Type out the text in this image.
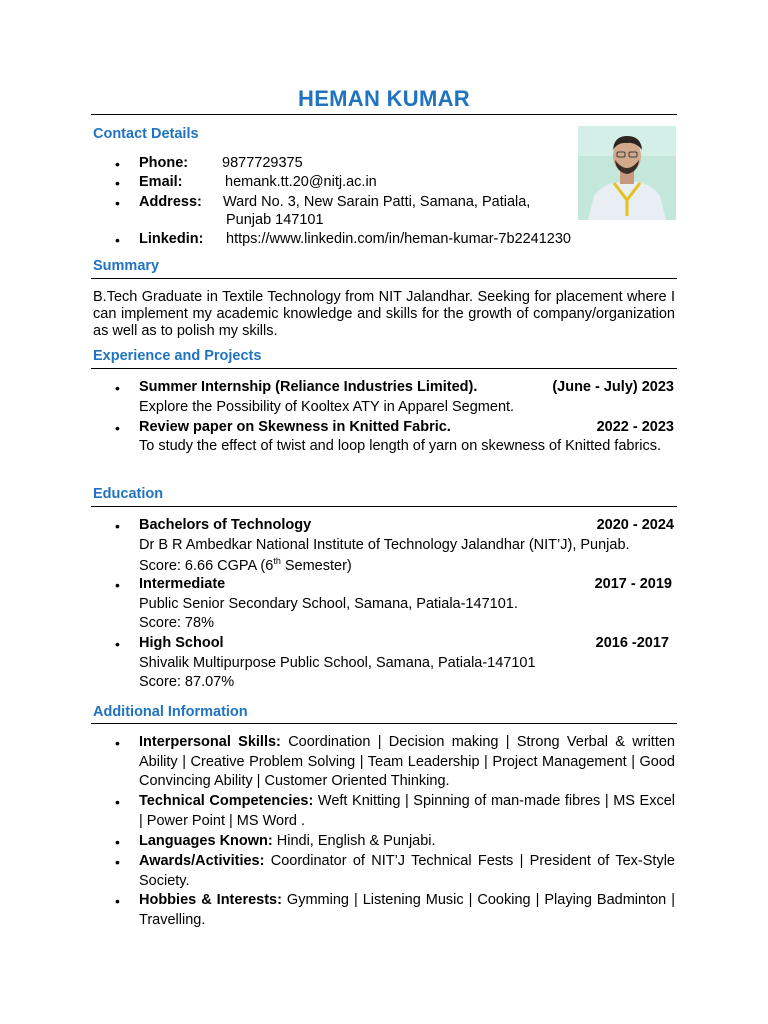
HEMAN KUMAR
Contact Details
• Phone: 9877729375
• Email:	hemank.tt.20@nitj.ac.in
• Address: Ward No. 3, New Sarain Patti, Samana, Patiala,
Punjab 147101
• Linkedin: https://www.linkedin.com/in/heman-kumar-7b2241230
Summary
B.Tech Graduate in Textile Technology from NIT Jalandhar. Seeking for placement where I can implement my academic knowledge and skills for the growth of company/organization as well as to polish my skills.
Experience and Projects
• Summer Internship (Reliance Industries Limited).	(June - July) 2023
Explore the Possibility of Kooltex ATY in Apparel Segment.
• Review paper on Skewness in Knitted Fabric.	2022 - 2023
To study the effect of twist and loop length of yarn on skewness of Knitted fabrics.
Education
• Bachelors of Technology	2020 - 2024
Dr B R Ambedkar National Institute of Technology Jalandhar (NIT’J), Punjab.
Score: 6.66 CGPA (6th Semester)
• Intermediate	2017 - 2019
Public Senior Secondary School, Samana, Patiala-147101.
Score: 78%
• High School	2016 -2017
Shivalik Multipurpose Public School, Samana, Patiala-147101
Score: 87.07%
Additional Information
• Interpersonal Skills: Coordination | Decision making | Strong Verbal & written Ability | Creative Problem Solving | Team Leadership | Project Management | Good Convincing Ability | Customer Oriented Thinking.
• Technical Competencies: Weft Knitting | Spinning of man-made fibres | MS Excel | Power Point | MS Word .
• Languages Known: Hindi, English & Punjabi.
• Awards/Activities: Coordinator of NIT’J Technical Fests | President of Tex-Style Society.
• Hobbies & Interests: Gymming | Listening Music | Cooking | Playing Badminton | Travelling.
